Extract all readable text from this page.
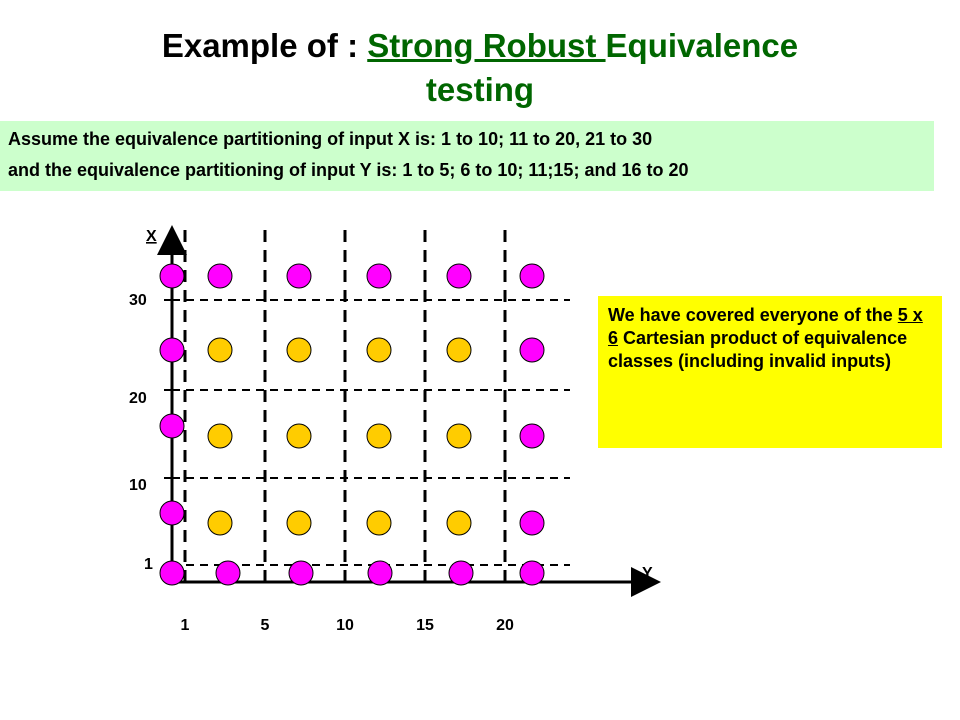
Example of : Strong Robust Equivalence
testing
Assume the equivalence partitioning of input X is: 1 to 10; 11 to 20, 21 to 30
and the equivalence partitioning of input Y is: 1 to 5; 6 to 10; 11;15; and 16 to 20
X
Y
30
20
10
1
1	5	10	15	20
We have covered everyone of the 5 x 6 Cartesian product of equivalence classes (including invalid inputs)
